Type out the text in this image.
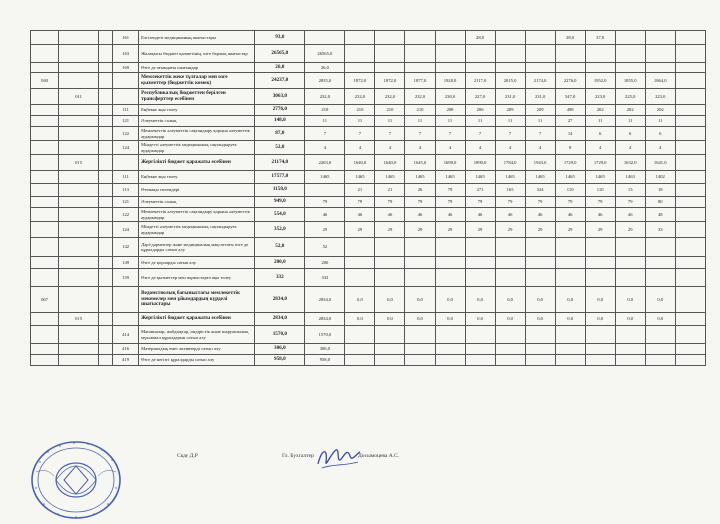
			161	Елгізендеті медицинаның шығыстары	93,0						28,0			28,0	37,0			
			163	Жалақысы бюджет қызметінің, өзге барлық шығыстар	26565,0	26565,0												
			169	Өзге де ағымдағы шығындар	26,0	26,0												
040				Мемлекеттік жеке тұлғалар мен өзге қызметтер (бюджеттік көмек)	24237,0	2835,0	1872,0	1872,0	1877,0	1928,0	2117,0	2015,0	2174,0	2276,0	1952,0	1855,0	1864,0	
	011			Республикалық бюджеттен берілген трансферттер есебінен	3063,0	232,0	232,0	232,0	232,0	230,0	227,0	231,0	231,0	547,0	223,0	225,0	223,0	
			111	Еңбекке ақы төлеу	2776,0	210	210	210	210	208	206	209	209	498	202	202	202	
			121	Әлеуметтік салық	148,0	11	11	11	11	11	11	11	11	27	11	11	11	
			122	Мемлекеттік әлеуметтік сақтандыру қорына әлеуметтік аударымдар	87,0	7	7	7	7	7	7	7	7	14	6	6	6	
			124	Міндетті әлеуметтік медициналық сақтандыруға аударымдар	52,0	4	4	4	4	4	4	4	4	8	4	4	4	
	015			Жергілікті бюджет қаражаты есебінен	21174,0	2203,0	1640,0	1640,0	1645,0	1698,0	1890,0	1784,0	1943,0	1729,0	1729,0	1632,0	1641,0	
			111	Еңбекке ақы төлеу	17577,0	1465	1465	1465	1465	1465	1465	1465	1465	1465	1465	1463	1402	
			113	Өтемақы төлемдері	1158,0		21	21	26	79	271	165	324	110	110	13	18	
			121	Әлеуметтік салық	949,0	79	79	79	79	79	79	79	79	79	79	79	80	
			122	Мемлекеттік әлеуметтік сақтандыру қорына әлеуметтік аударымдар	554,0	46	46	46	46	46	46	46	46	46	46	46	48	
			124	Міндетті әлеуметтік медициналық сақтандыруға аударымдар	352,0	29	29	29	29	29	29	29	29	29	29	29	33	
			142	Дәрі-дәрмектер және медициналық мақсаттағы өзге де құралдарды сатып алу	52,0	52												
			149	Өзге де қорларды сатып алу	200,0	200												
			159	Өзге де қызметтер мен жұмыстарға ақы төлеу	332	332												
067				Ведомстволық бағыныстағы мемлекеттік мекемелер мен ұйымдардың күрделі шығыстары	2834,0	2834,0	0,0	0,0	0,0	0,0	0,0	0,0	0,0	0,0	0,0	0,0	0,0	
	015			Жергілікті бюджет қаражаты есебінен	2834,0	2834,0	0,0	0,0	0,0	0,0	0,0	0,0	0,0	0,0	0,0	0,0	0,0	
			414	Машиналар, жабдықтар, өндірістік және шаруашылық мүкәммал құралдарын сатып алу	1570,0	1570,0												
			416	Материалдық емес активтерді сатып алу	306,0	306,0												
			419	Өзге де негізгі құралдарды сатып алу	958,0	958,0												
Сқау Д.Р	Гл. Бухгалтер	Досымоцева А.С.
